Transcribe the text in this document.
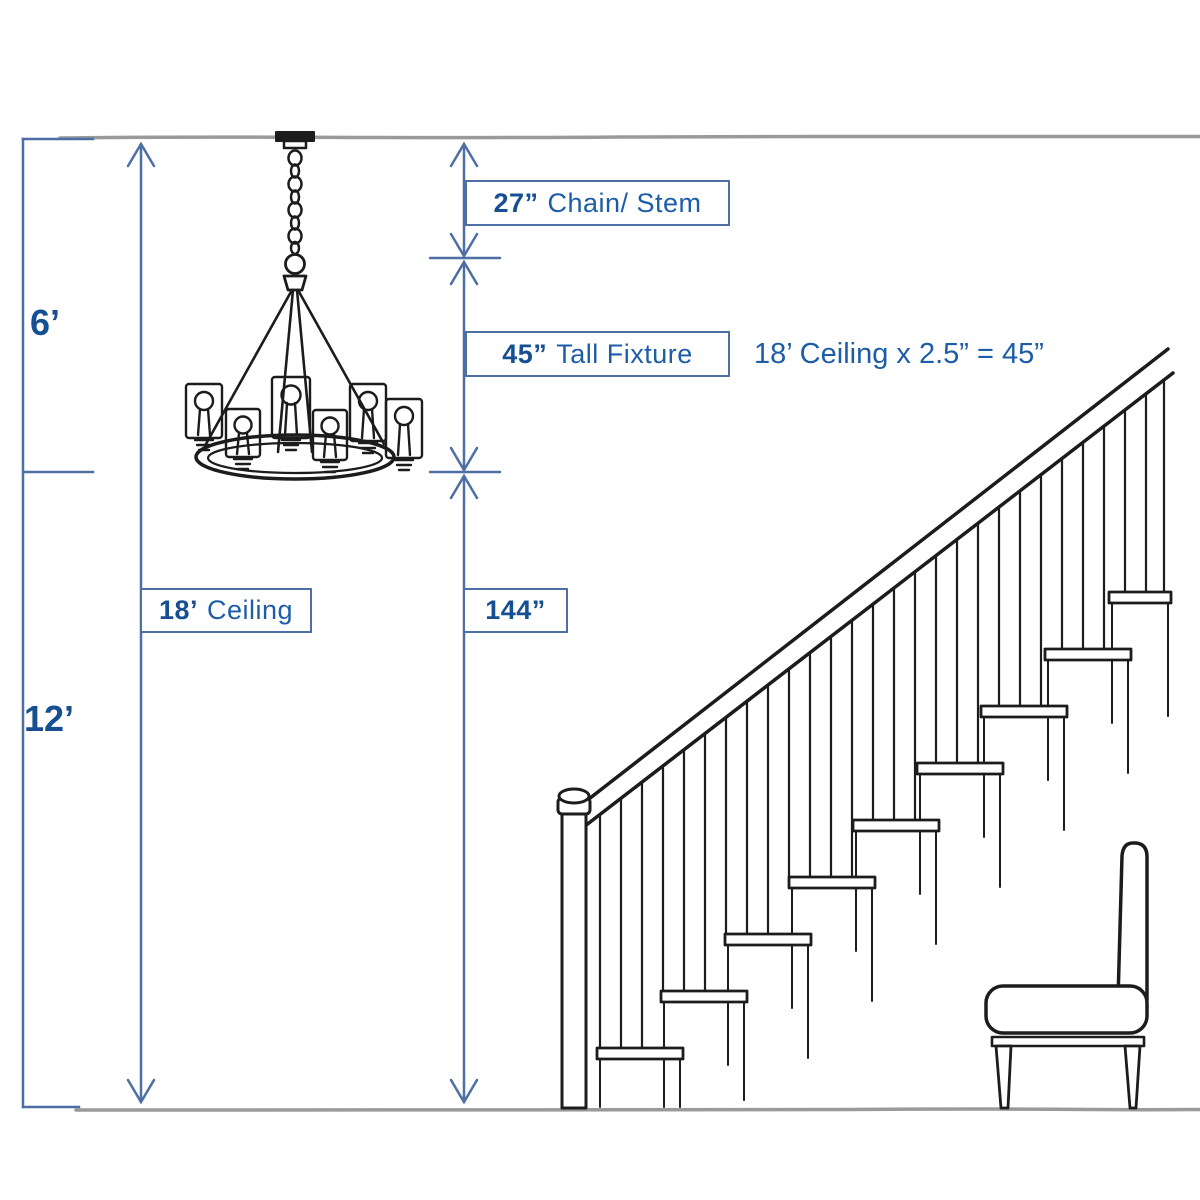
6’
12’
27” Chain/ Stem
45” Tall Fixture 18’ Ceiling x 2.5” = 45”
18’ Ceiling	144”
